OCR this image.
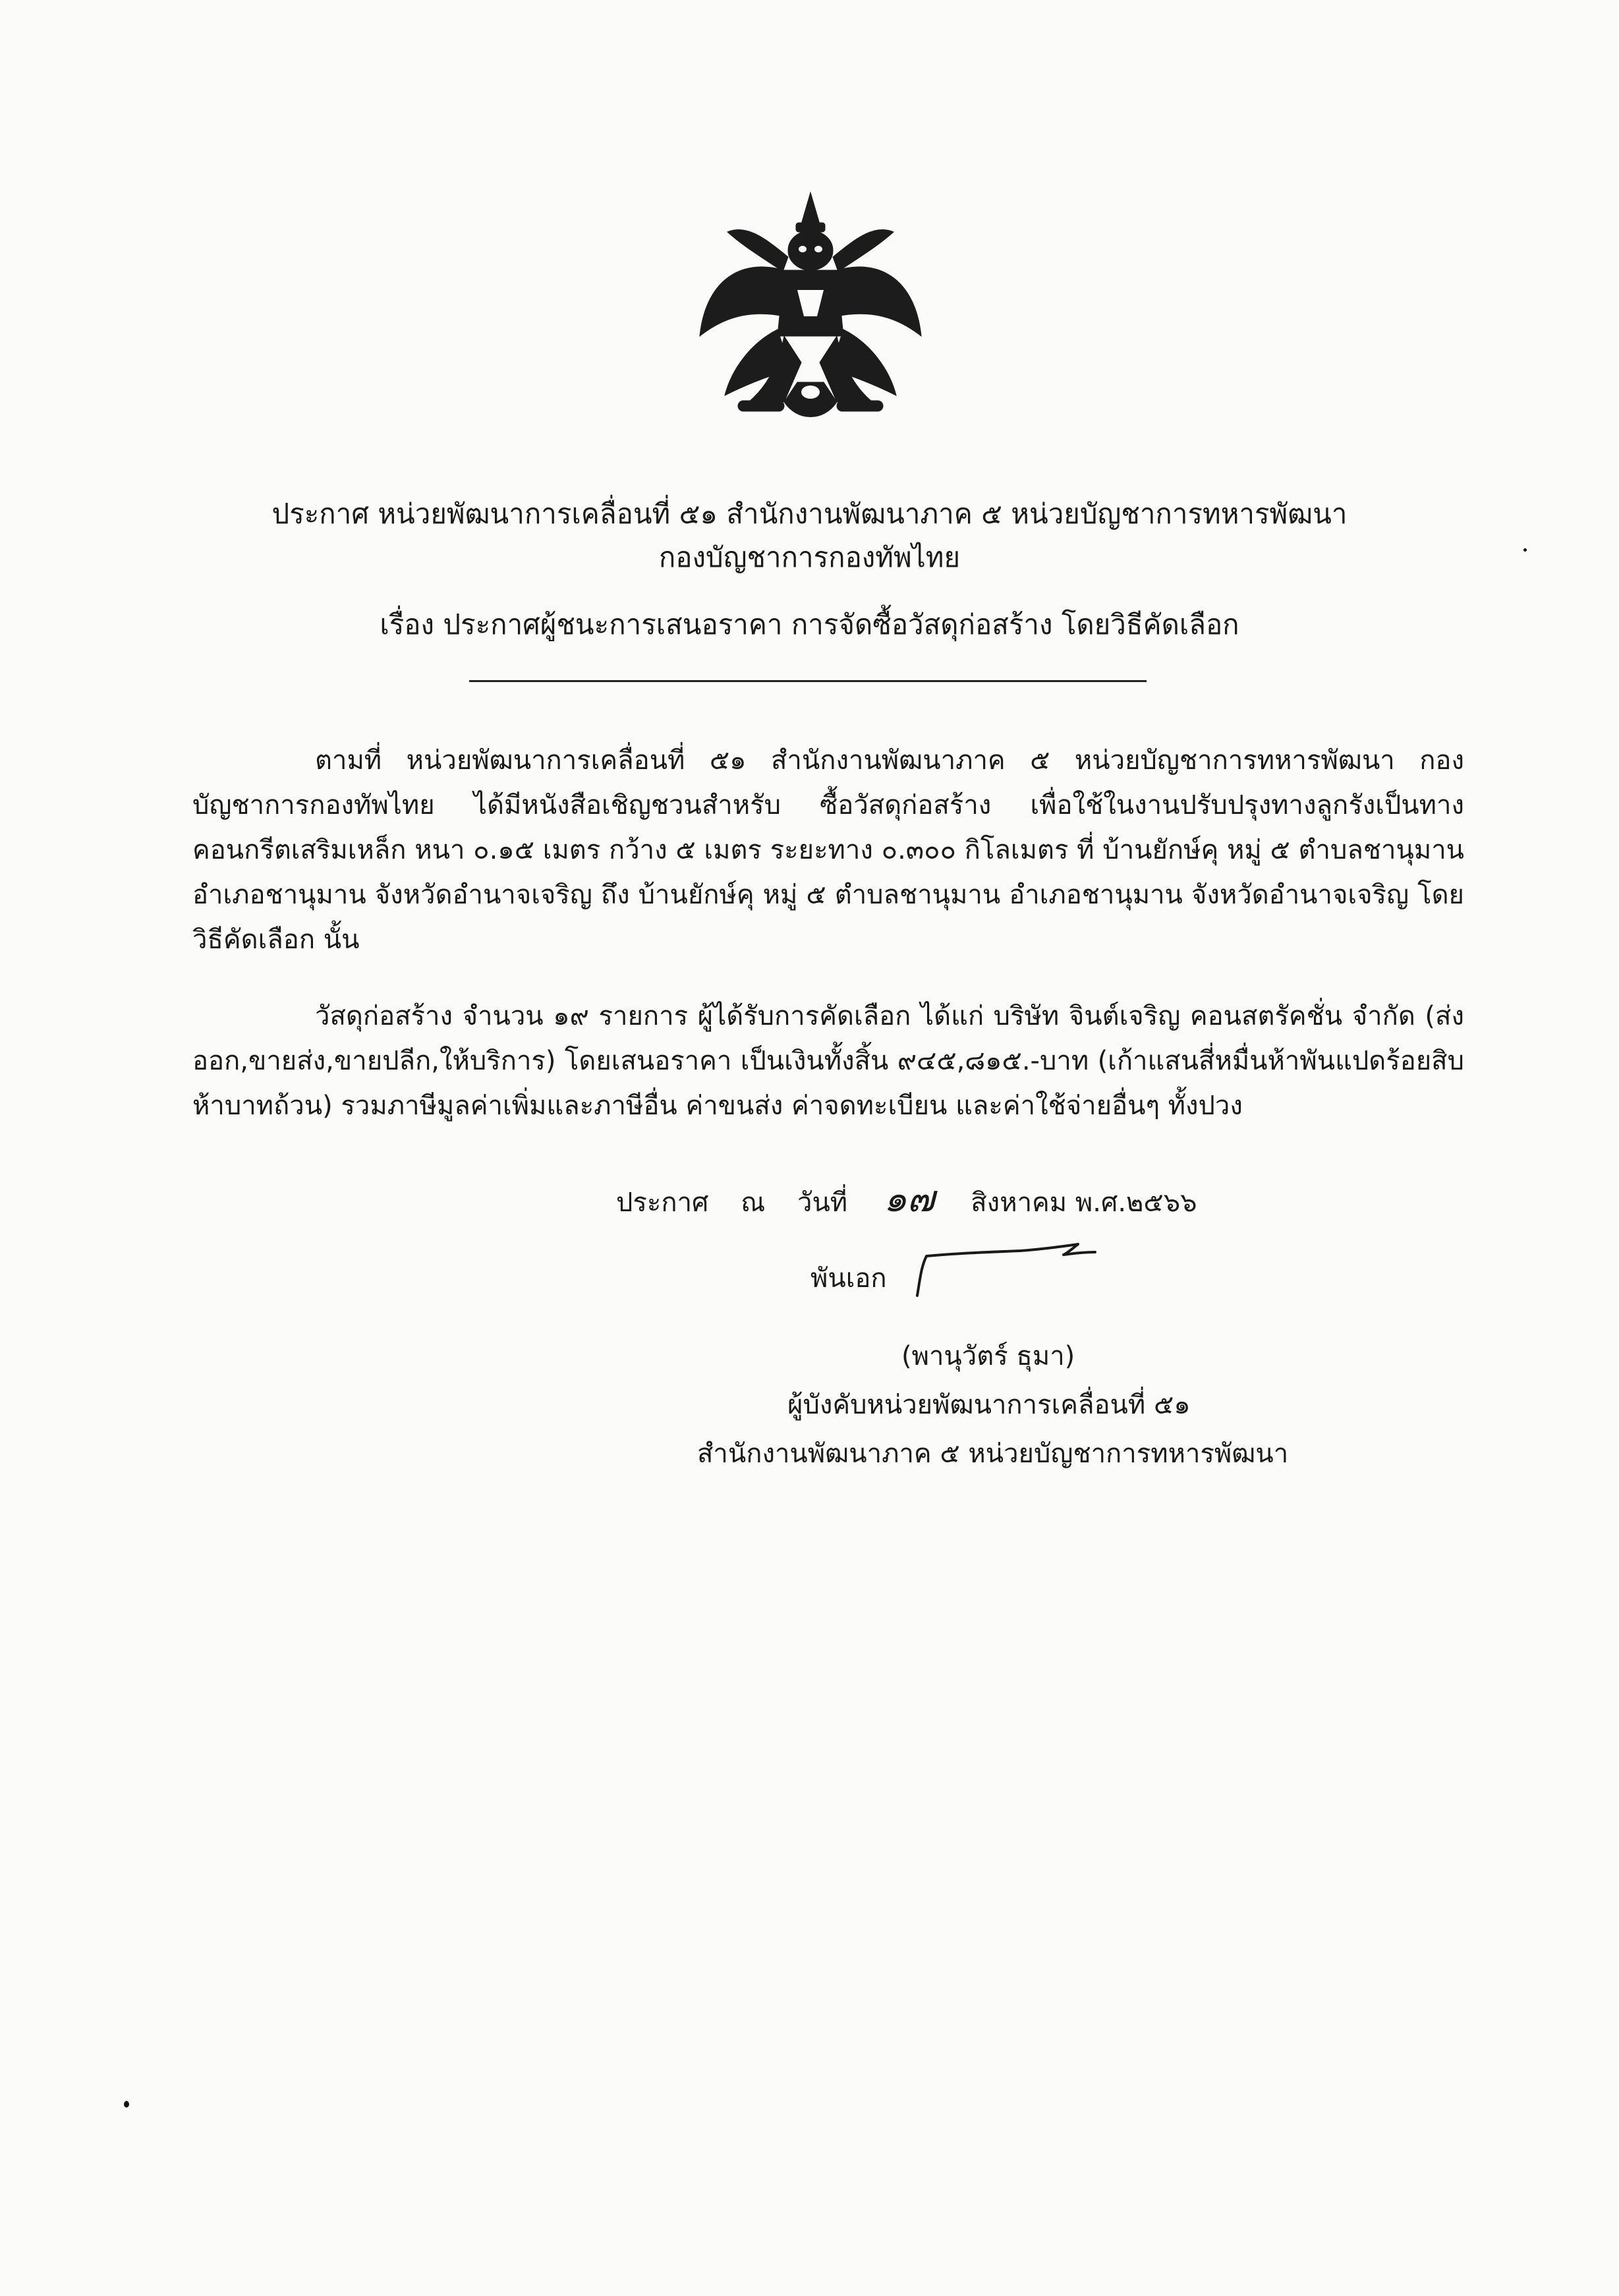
ประกาศ หน่วยพัฒนาการเคลื่อนที่ ๕๑ สำนักงานพัฒนาภาค ๕ หน่วยบัญชาการทหารพัฒนา
กองบัญชาการกองทัพไทย
เรื่อง ประกาศผู้ชนะการเสนอราคา การจัดซื้อวัสดุก่อสร้าง โดยวิธีคัดเลือก

ตามที่ หน่วยพัฒนาการเคลื่อนที่ ๕๑ สำนักงานพัฒนาภาค ๕ หน่วยบัญชาการทหารพัฒนา กองบัญชาการกองทัพไทย ได้มีหนังสือเชิญชวนสำหรับ ซื้อวัสดุก่อสร้าง เพื่อใช้ในงานปรับปรุงทางลูกรังเป็นทางคอนกรีตเสริมเหล็ก หนา ๐.๑๕ เมตร กว้าง ๕ เมตร ระยะทาง ๐.๓๐๐ กิโลเมตร ที่ บ้านยักษ์คุ หมู่ ๕ ตำบลชานุมาน อำเภอชานุมาน จังหวัดอำนาจเจริญ ถึง บ้านยักษ์คุ หมู่ ๕ ตำบลชานุมาน อำเภอชานุมาน จังหวัดอำนาจเจริญ โดยวิธีคัดเลือก นั้น

วัสดุก่อสร้าง จำนวน ๑๙ รายการ ผู้ได้รับการคัดเลือก ได้แก่ บริษัท จินต์เจริญ คอนสตรัคชั่น จำกัด (ส่งออก,ขายส่ง,ขายปลีก,ให้บริการ) โดยเสนอราคา เป็นเงินทั้งสิ้น ๙๔๕,๘๑๕.-บาท (เก้าแสนสี่หมื่นห้าพันแปดร้อยสิบห้าบาทถ้วน) รวมภาษีมูลค่าเพิ่มและภาษีอื่น ค่าขนส่ง ค่าจดทะเบียน และค่าใช้จ่ายอื่นๆ ทั้งปวง

ประกาศ ณ วันที่ ๑๗ สิงหาคม พ.ศ.๒๕๖๖
พันเอก
(พานุวัตร์ ธุมา)
ผู้บังคับหน่วยพัฒนาการเคลื่อนที่ ๕๑
สำนักงานพัฒนาภาค ๕ หน่วยบัญชาการทหารพัฒนา
